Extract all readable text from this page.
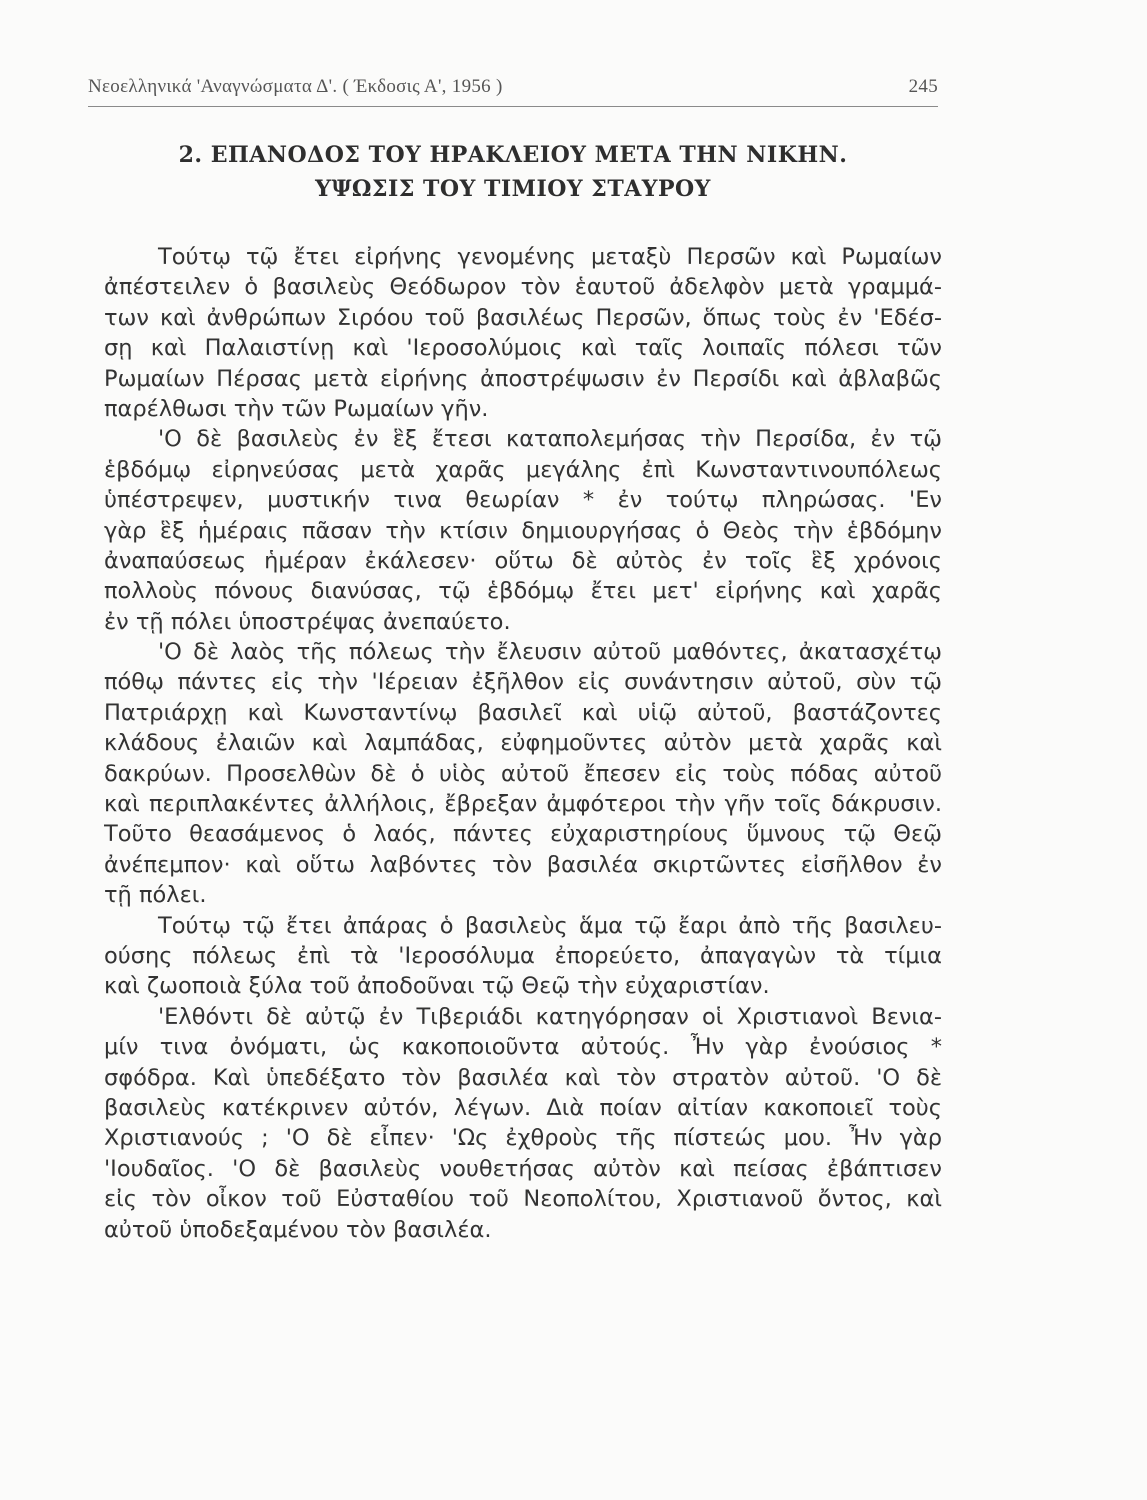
Νεοελληνικά 'Αναγνώσματα Δ'. ( Έκδοσις Α', 1956 )	245
2. ΕΠΑΝΟΔΟΣ ΤΟΥ ΗΡΑΚΛΕΙΟΥ ΜΕΤΑ ΤΗΝ ΝΙΚΗΝ.
ΥΨΩΣΙΣ ΤΟΥ ΤΙΜΙΟΥ ΣΤΑΥΡΟΥ
Τούτῳ τῷ ἔτει εἰρήνης γενομένης μεταξὺ Περσῶν καὶ Ρωμαίων
ἀπέστειλεν ὁ βασιλεὺς Θεόδωρον τὸν ἑαυτοῦ ἀδελφὸν μετὰ γραμμά-
των καὶ ἀνθρώπων Σιρόου τοῦ βασιλέως Περσῶν, ὅπως τοὺς ἐν 'Εδέσ-
σῃ καὶ Παλαιστίνῃ καὶ 'Ιεροσολύμοις καὶ ταῖς λοιπαῖς πόλεσι τῶν
Ρωμαίων Πέρσας μετὰ εἰρήνης ἀποστρέψωσιν ἐν Περσίδι καὶ ἀβλαβῶς
παρέλθωσι τὴν τῶν Ρωμαίων γῆν.
'Ο δὲ βασιλεὺς ἐν ἓξ ἔτεσι καταπολεμήσας τὴν Περσίδα, ἐν τῷ
ἑβδόμῳ εἰρηνεύσας μετὰ χαρᾶς μεγάλης ἐπὶ Κωνσταντινουπόλεως
ὑπέστρεψεν, μυστικήν τινα θεωρίαν * ἐν τούτῳ πληρώσας. 'Εν
γὰρ ἓξ ἡμέραις πᾶσαν τὴν κτίσιν δημιουργήσας ὁ Θεὸς τὴν ἑβδόμην
ἀναπαύσεως ἡμέραν ἐκάλεσεν· οὕτω δὲ αὐτὸς ἐν τοῖς ἓξ χρόνοις
πολλοὺς πόνους διανύσας, τῷ ἑβδόμῳ ἔτει μετ' εἰρήνης καὶ χαρᾶς
ἐν τῇ πόλει ὑποστρέψας ἀνεπαύετο.
'Ο δὲ λαὸς τῆς πόλεως τὴν ἔλευσιν αὐτοῦ μαθόντες, ἀκατασχέτῳ
πόθῳ πάντες εἰς τὴν 'Ιέρειαν ἐξῆλθον εἰς συνάντησιν αὐτοῦ, σὺν τῷ
Πατριάρχῃ καὶ Κωνσταντίνῳ βασιλεῖ καὶ υἱῷ αὐτοῦ, βαστάζοντες
κλάδους ἐλαιῶν καὶ λαμπάδας, εὐφημοῦντες αὐτὸν μετὰ χαρᾶς καὶ
δακρύων. Προσελθὼν δὲ ὁ υἱὸς αὐτοῦ ἔπεσεν εἰς τοὺς πόδας αὐτοῦ
καὶ περιπλακέντες ἀλλήλοις, ἔβρεξαν ἀμφότεροι τὴν γῆν τοῖς δάκρυσιν.
Τοῦτο θεασάμενος ὁ λαός, πάντες εὐχαριστηρίους ὕμνους τῷ Θεῷ
ἀνέπεμπον· καὶ οὕτω λαβόντες τὸν βασιλέα σκιρτῶντες εἰσῆλθον ἐν
τῇ πόλει.
Τούτῳ τῷ ἔτει ἀπάρας ὁ βασιλεὺς ἅμα τῷ ἔαρι ἀπὸ τῆς βασιλευ-
ούσης πόλεως ἐπὶ τὰ 'Ιεροσόλυμα ἐπορεύετο, ἀπαγαγὼν τὰ τίμια
καὶ ζωοποιὰ ξύλα τοῦ ἀποδοῦναι τῷ Θεῷ τὴν εὐχαριστίαν.
'Ελθόντι δὲ αὐτῷ ἐν Τιβεριάδι κατηγόρησαν οἱ Χριστιανοὶ Βενια-
μίν τινα ὀνόματι, ὡς κακοποιοῦντα αὐτούς. Ἦν γὰρ ἐνούσιος *
σφόδρα. Καὶ ὑπεδέξατο τὸν βασιλέα καὶ τὸν στρατὸν αὐτοῦ. 'Ο δὲ
βασιλεὺς κατέκρινεν αὐτόν, λέγων. Διὰ ποίαν αἰτίαν κακοποιεῖ τοὺς
Χριστιανούς ; 'Ο δὲ εἶπεν· 'Ως ἐχθροὺς τῆς πίστεώς μου. Ἦν γὰρ
'Ιουδαῖος. 'Ο δὲ βασιλεὺς νουθετήσας αὐτὸν καὶ πείσας ἐβάπτισεν
εἰς τὸν οἶκον τοῦ Εὐσταθίου τοῦ Νεοπολίτου, Χριστιανοῦ ὄντος, καὶ
αὐτοῦ ὑποδεξαμένου τὸν βασιλέα.
